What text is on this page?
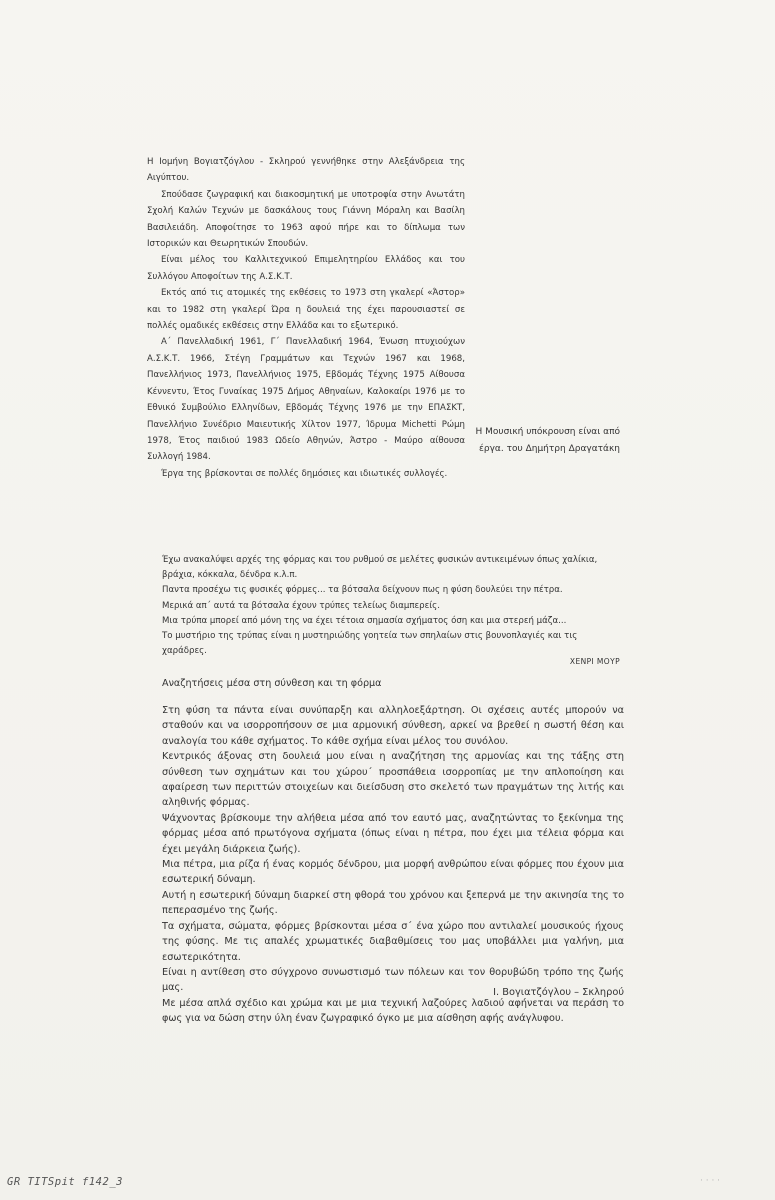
Η Ιομήνη Βογιατζόγλου - Σκληρού γεννήθηκε στην Αλεξάνδρεια της Αιγύπτου.

Σπούδασε ζωγραφική και διακοσμητική με υποτροφία στην Ανωτάτη Σχολή Καλών Τεχνών με δασκάλους τους Γιάννη Μόραλη και Βασίλη Βασιλειάδη. Αποφοίτησε το 1963 αφού πήρε και το δίπλωμα των Ιστορικών και Θεωρητικών Σπουδών.

Είναι μέλος του Καλλιτεχνικού Επιμελητηρίου Ελλάδος και του Συλλόγου Αποφοίτων της Α.Σ.Κ.Τ.

Εκτός από τις ατομικές της εκθέσεις το 1973 στη γκαλερί «Άστορ» και το 1982 στη γκαλερί Ώρα η δουλειά της έχει παρουσιαστεί σε πολλές ομαδικές εκθέσεις στην Ελλάδα και το εξωτερικό.

Α΄ Πανελλαδική 1961, Γ΄ Πανελλαδική 1964, Ένωση πτυχιούχων Α.Σ.Κ.Τ. 1966, Στέγη Γραμμάτων και Τεχνών 1967 και 1968, Πανελλήνιος 1973, Πανελλήνιος 1975, Εβδομάς Τέχνης 1975 Αίθουσα Κέννεντυ, Έτος Γυναίκας 1975 Δήμος Αθηναίων, Καλοκαίρι 1976 με το Εθνικό Συμβούλιο Ελληνίδων, Εβδομάς Τέχνης 1976 με την ΕΠΑΣΚΤ, Πανελλήνιο Συνέδριο Μαιευτικής Χίλτον 1977, Ίδρυμα Michetti Ρώμη 1978, Έτος παιδιού 1983 Ωδείο Αθηνών, Άστρο - Μαύρο αίθουσα Συλλογή 1984.

Έργα της βρίσκονται σε πολλές δημόσιες και ιδιωτικές συλλογές.

Η Μουσική υπόκρουση είναι από
έργα. του Δημήτρη Δραγατάκη

Έχω ανακαλύψει αρχές της φόρμας και του ρυθμού σε μελέτες φυσικών αντικειμένων όπως χαλίκια, βράχια, κόκκαλα, δένδρα κ.λ.π.

Παντα προσέχω τις φυσικές φόρμες... τα βότσαλα δείχνουν πως η φύση δουλεύει την πέτρα.

Μερικά απ΄ αυτά τα βότσαλα έχουν τρύπες τελείως διαμπερείς.

Μια τρύπα μπορεί από μόνη της να έχει τέτοια σημασία σχήματος όση και μια στερεή μάζα...

Το μυστήριο της τρύπας είναι η μυστηριώδης γοητεία των σπηλαίων στις βουνοπλαγιές και τις χαράδρες.

ΧΕΝΡΙ ΜΟΥΡ
Αναζητήσεις μέσα στη σύνθεση και τη φόρμα

Στη φύση τα πάντα είναι συνύπαρξη και αλληλοεξάρτηση. Οι σχέσεις αυτές μπορούν να σταθούν και να ισορροπήσουν σε μια αρμονική σύνθεση, αρκεί να βρεθεί η σωστή θέση και αναλογία του κάθε σχήματος. Το κάθε σχήμα είναι μέλος του συνόλου.

Κεντρικός άξονας στη δουλειά μου είναι η αναζήτηση της αρμονίας και της τάξης στη σύνθεση των σχημάτων και του χώρου΄ προσπάθεια ισορροπίας με την απλοποίηση και αφαίρεση των περιττών στοιχείων και διείσδυση στο σκελετό των πραγμάτων της λιτής και αληθινής φόρμας.

Ψάχνοντας βρίσκουμε την αλήθεια μέσα από τον εαυτό μας, αναζητώντας το ξεκίνημα της φόρμας μέσα από πρωτόγονα σχήματα (όπως είναι η πέτρα, που έχει μια τέλεια φόρμα και έχει μεγάλη διάρκεια ζωής).

Μια πέτρα, μια ρίζα ή ένας κορμός δένδρου, μια μορφή ανθρώπου είναι φόρμες που έχουν μια εσωτερική δύναμη.

Αυτή η εσωτερική δύναμη διαρκεί στη φθορά του χρόνου και ξεπερνά με την ακινησία της το πεπερασμένο της ζωής.

Τα σχήματα, σώματα, φόρμες βρίσκονται μέσα σ΄ ένα χώρο που αντιλαλεί μουσικούς ήχους της φύσης. Με τις απαλές χρωματικές διαβαθμίσεις του μας υποβάλλει μια γαλήνη, μια εσωτερικότητα.

Είναι η αντίθεση στο σύγχρονο συνωστισμό των πόλεων και τον θορυβώδη τρόπο της ζωής μας.

Με μέσα απλά σχέδιο και χρώμα και με μια τεχνική λαζούρες λαδιού αφήνεται να περάση το φως για να δώση στην ύλη έναν ζωγραφικό όγκο με μια αίσθηση αφής ανάγλυφου.

Ι. Βογιατζόγλου – Σκληρού
GR TITSpit f142_3	· · · ·
